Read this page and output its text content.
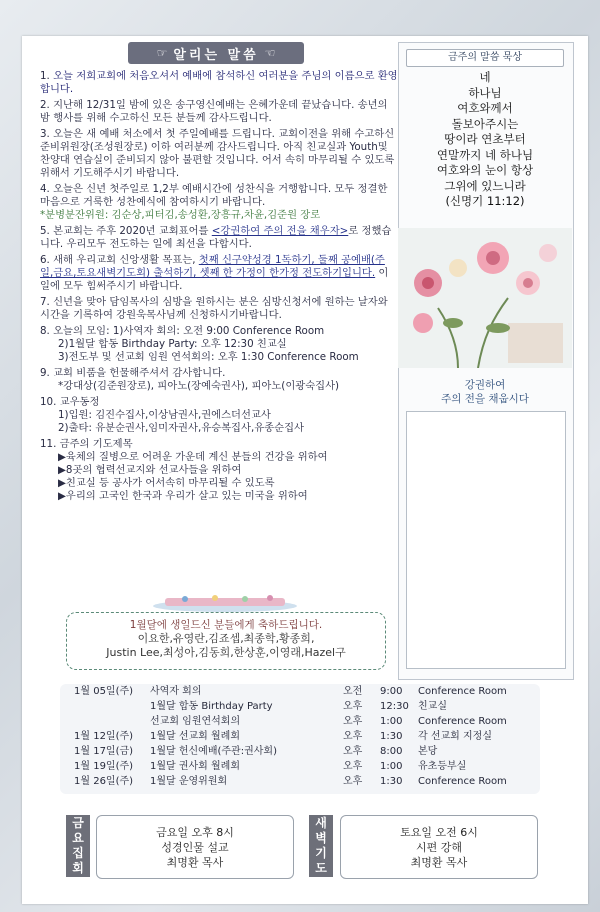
☞ 알리는 말씀 ☜

1. 오늘 저희교회에 처음오셔서 예배에 참석하신 여러분을 주님의 이름으로 환영합니다.

2. 지난해 12/31일 밤에 있은 송구영신예배는 은혜가운데 끝났습니다. 송년의 밤 행사를 위해 수고하신 모든 분들께 감사드립니다.

3. 오늘은 새 예배 처소에서 첫 주일예배를 드립니다. 교회이전을 위해 수고하신 준비위원장(조성원장로) 이하 여러분께 감사드립니다. 아직 친교실과 Youth및 찬양대 연습실이 준비되지 않아 불편할 것입니다. 어서 속히 마무리될 수 있도록 위해서 기도해주시기 바랍니다.

4. 오늘은 신년 첫주일로 1,2부 예배시간에 성찬식을 거행합니다. 모두 정결한 마음으로 거룩한 성찬예식에 참여하시기 바랍니다.
*분병분잔위원: 김순상,피터김,송성환,장흥규,차윤,김준원 장로

5. 본교회는 주후 2020년 교회표어를 <강권하여 주의 전을 채우자>로 정했습니다. 우리모두 전도하는 일에 최선을 다합시다.

6. 새해 우리교회 신앙생활 목표는, 첫째 신구약성경 1독하기, 둘째 공예배(주일,금요,토요새벽기도회) 출석하기, 셋째 한 가정이 한가정 전도하기입니다. 이 일에 모두 힘써주시기 바랍니다.

7. 신년을 맞아 담임목사의 심방을 원하시는 분은 심방신청서에 원하는 날자와 시간을 기록하여 강원욱목사님께 신청하시기바랍니다.

8. 오늘의 모임: 1)사역자 회의: 오전 9:00 Conference Room

2)1월달 합동 Birthday Party: 오후 12:30 친교실

3)전도부 및 선교회 임원 연석회의: 오후 1:30 Conference Room

9. 교회 비품을 헌물해주셔서 감사합니다.

*강대상(김준원장로), 피아노(장예숙권사), 피아노(이광숙집사)

10. 교우동정

1)입원: 김진수집사,이상남권사,권에스더선교사

2)출타: 유분순권사,임미자권사,유승복집사,유종순집사

11. 금주의 기도제목

▶육체의 질병으로 어려운 가운데 계신 분들의 건강을 위하여

▶8곳의 협력선교지와 선교사들을 위하여

▶친교실 등 공사가 어서속히 마무리될 수 있도록

▶우리의 고국인 한국과 우리가 살고 있는 미국을 위하여

1월달에 생일드신 분들에게 축하드립니다.
이요한,유영란,김죠셉,최종학,황종희,
Justin Lee,최성아,김동희,한상훈,이영래,Hazel구
금주의 말씀 묵상
네
하나님
여호와께서
돌보아주시는
땅이라 연초부터
연말까지 네 하나님
여호와의 눈이 항상
그위에 있느니라
(신명기 11:12)
강권하여
주의 전을 채웁시다
1월 05일(주) 사역자 회의	오전 9:00 Conference Room
1월달 합동 Birthday Party	오후 12:30 친교실
선교회 임원연석회의	오후 1:00 Conference Room
1월 12일(주) 1월달 선교회 월례회	오후 1:30 각 선교회 지정실
1월 17일(금) 1월달 헌신예배(주관:권사회)	오후 8:00 본당
1월 19일(주) 1월달 권사회 월례회	오후 1:00 유초등부실
1월 26일(주) 1월달 운영위원회	오후 1:30 Conference Room
금
요
집
회
금요일 오후 8시
성경인물 설교
최명환 목사
새
벽
기
도
토요일 오전 6시
시편 강해
최명환 목사
